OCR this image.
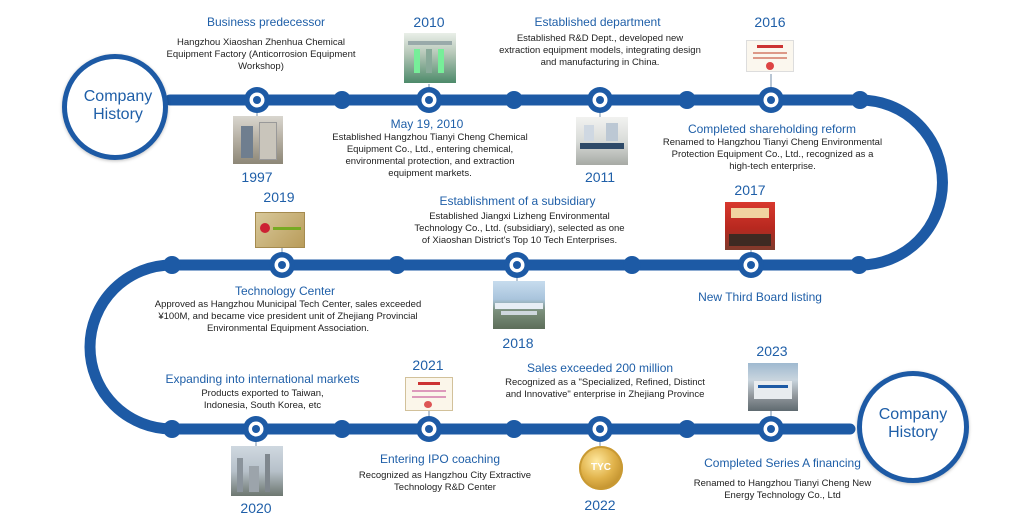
Company
History
Company
History
Business predecessor
Hangzhou Xiaoshan Zhenhua Chemical Equipment Factory (Anticorrosion Equipment Workshop)
1997
2010
May 19, 2010
Established Hangzhou Tianyi Cheng Chemical Equipment Co., Ltd., entering chemical, environmental protection, and extraction equipment markets.
Established department
Established R&D Dept., developed new extraction equipment models, integrating design and manufacturing in China.
2011
2016
Completed shareholding reform
Renamed to Hangzhou Tianyi Cheng Environmental Protection Equipment Co., Ltd., recognized as a high-tech enterprise.
2017
New Third Board listing
Establishment of a subsidiary
Established Jiangxi Lizheng Environmental Technology Co., Ltd. (subsidiary), selected as one of Xiaoshan District's Top 10 Tech Enterprises.
2018
2019
Technology Center
Approved as Hangzhou Municipal Tech Center, sales exceeded ¥100M, and became vice president unit of Zhejiang Provincial Environmental Equipment Association.
Expanding into international markets
Products exported to Taiwan, Indonesia, South Korea, etc
2020
2021
Entering IPO coaching
Recognized as Hangzhou City Extractive Technology R&D Center
Sales exceeded 200 million
Recognized as a "Specialized, Refined, Distinct and Innovative" enterprise in Zhejiang Province
TYC
2022
2023
Completed Series A financing
Renamed to Hangzhou Tianyi Cheng New Energy Technology Co., Ltd
